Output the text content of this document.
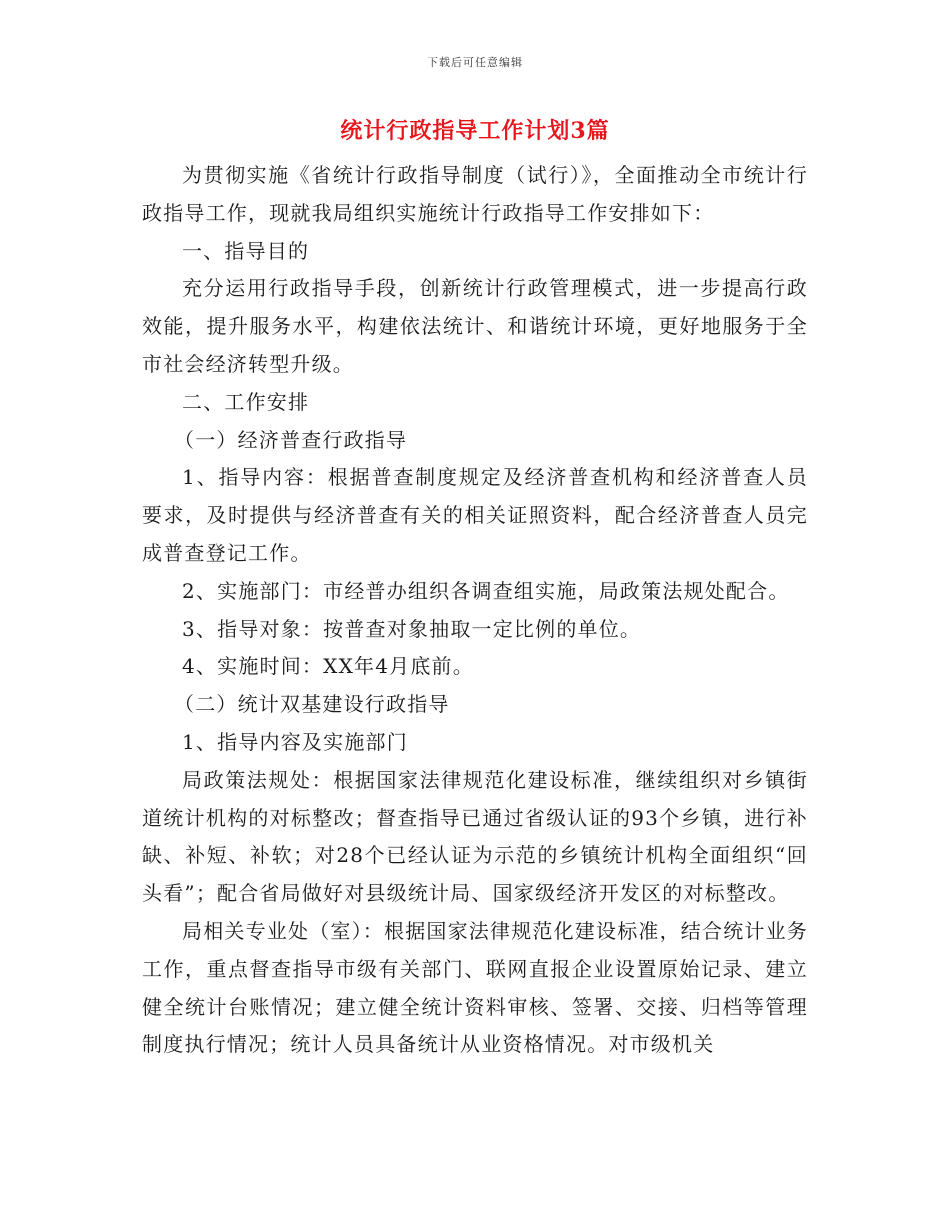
下载后可任意编辑
统计行政指导工作计划3篇

为贯彻实施《省统计行政指导制度（试行）》，全面推动全市统计行政指导工作，现就我局组织实施统计行政指导工作安排如下：

一、指导目的

充分运用行政指导手段，创新统计行政管理模式，进一步提高行政效能，提升服务水平，构建依法统计、和谐统计环境，更好地服务于全市社会经济转型升级。

二、工作安排

（一）经济普查行政指导

1、指导内容：根据普查制度规定及经济普查机构和经济普查人员要求，及时提供与经济普查有关的相关证照资料，配合经济普查人员完成普查登记工作。

2、实施部门：市经普办组织各调查组实施，局政策法规处配合。

3、指导对象：按普查对象抽取一定比例的单位。

4、实施时间：XX年4月底前。

（二）统计双基建设行政指导

1、指导内容及实施部门

局政策法规处：根据国家法律规范化建设标准，继续组织对乡镇街道统计机构的对标整改；督查指导已通过省级认证的93个乡镇，进行补缺、补短、补软；对28个已经认证为示范的乡镇统计机构全面组织“回头看”；配合省局做好对县级统计局、国家级经济开发区的对标整改。

局相关专业处（室）：根据国家法律规范化建设标准，结合统计业务工作，重点督查指导市级有关部门、联网直报企业设置原始记录、建立健全统计台账情况；建立健全统计资料审核、签署、交接、归档等管理制度执行情况；统计人员具备统计从业资格情况。对市级机关
